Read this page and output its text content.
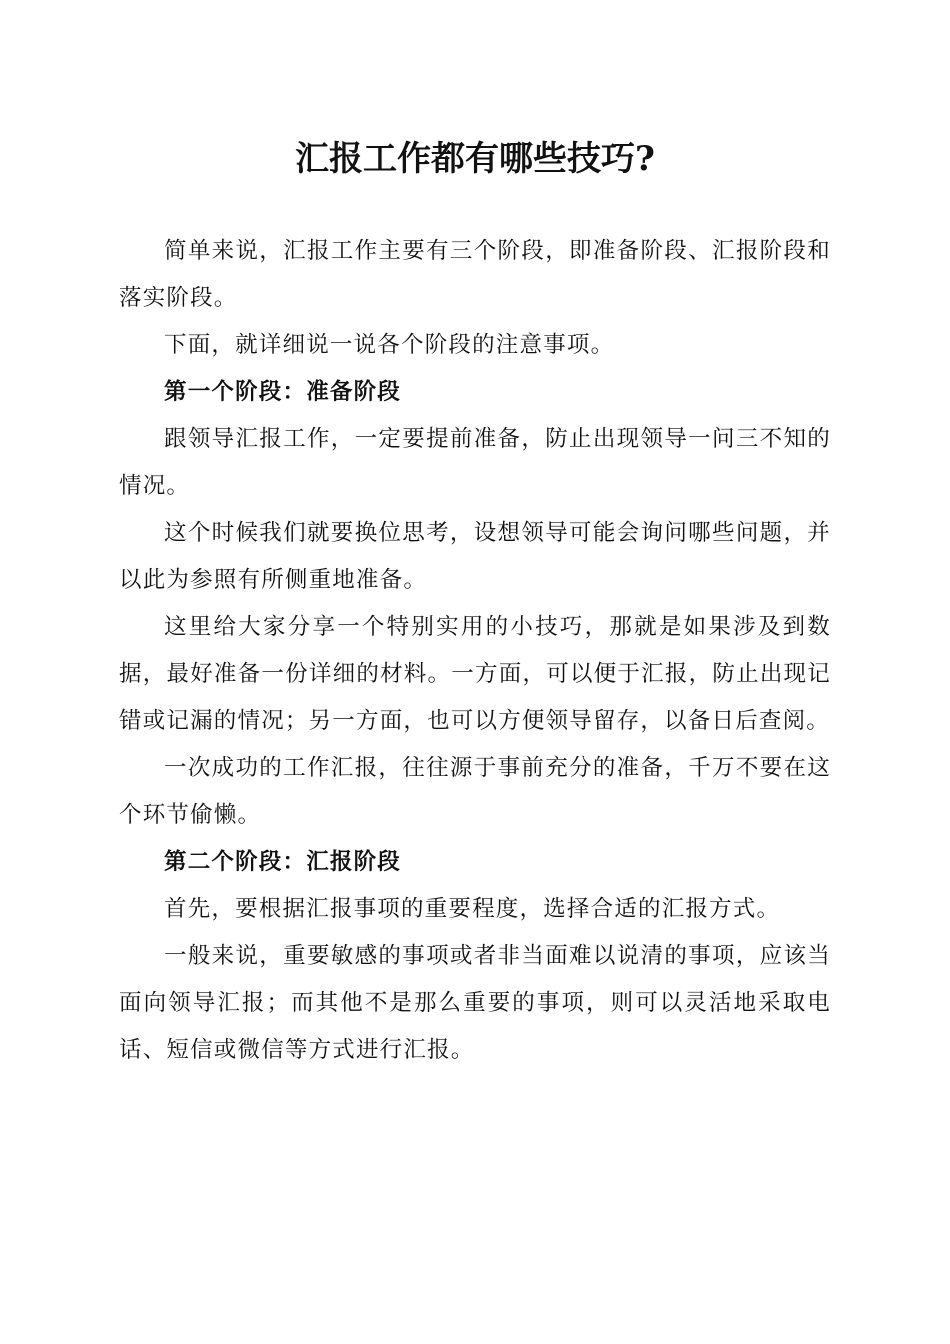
汇报工作都有哪些技巧?

简单来说，汇报工作主要有三个阶段，即准备阶段、汇报阶段和落实阶段。

下面，就详细说一说各个阶段的注意事项。

第一个阶段：准备阶段

跟领导汇报工作，一定要提前准备，防止出现领导一问三不知的情况。

这个时候我们就要换位思考，设想领导可能会询问哪些问题，并以此为参照有所侧重地准备。

这里给大家分享一个特别实用的小技巧，那就是如果涉及到数据，最好准备一份详细的材料。一方面，可以便于汇报，防止出现记错或记漏的情况；另一方面，也可以方便领导留存，以备日后查阅。

一次成功的工作汇报，往往源于事前充分的准备，千万不要在这个环节偷懒。

第二个阶段：汇报阶段

首先，要根据汇报事项的重要程度，选择合适的汇报方式。

一般来说，重要敏感的事项或者非当面难以说清的事项，应该当面向领导汇报；而其他不是那么重要的事项，则可以灵活地采取电话、短信或微信等方式进行汇报。
